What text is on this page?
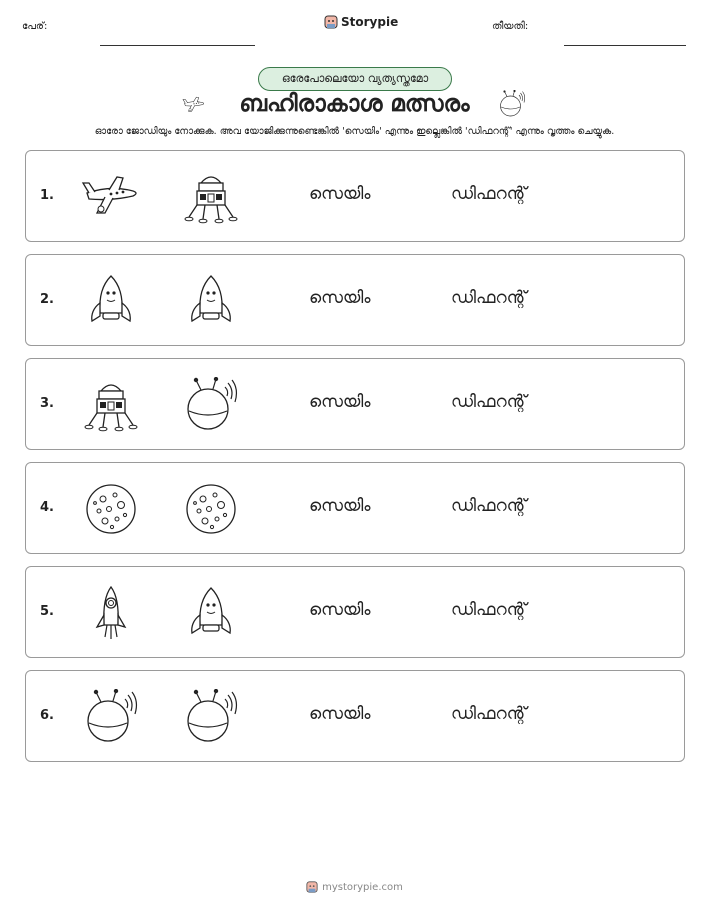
പേര്:	Storypie	തീയതി:
ഒരേപോലെയോ വ്യത്യസ്തമോ
ബഹിരാകാശ മത്സരം
ഓരോ ജോഡിയും നോക്കുക. അവ യോജിക്കുന്നുണ്ടെങ്കിൽ 'സെയിം' എന്നും ഇല്ലെങ്കിൽ 'ഡിഫറന്റ്' എന്നും വൃത്തം ചെയ്യുക.
1.	സെയിം	ഡിഫറന്റ്
2.	സെയിം	ഡിഫറന്റ്
3.	സെയിം	ഡിഫറന്റ്
4.	സെയിം	ഡിഫറന്റ്
5.	സെയിം	ഡിഫറന്റ്
6.	സെയിം	ഡിഫറന്റ്
mystorypie.com
